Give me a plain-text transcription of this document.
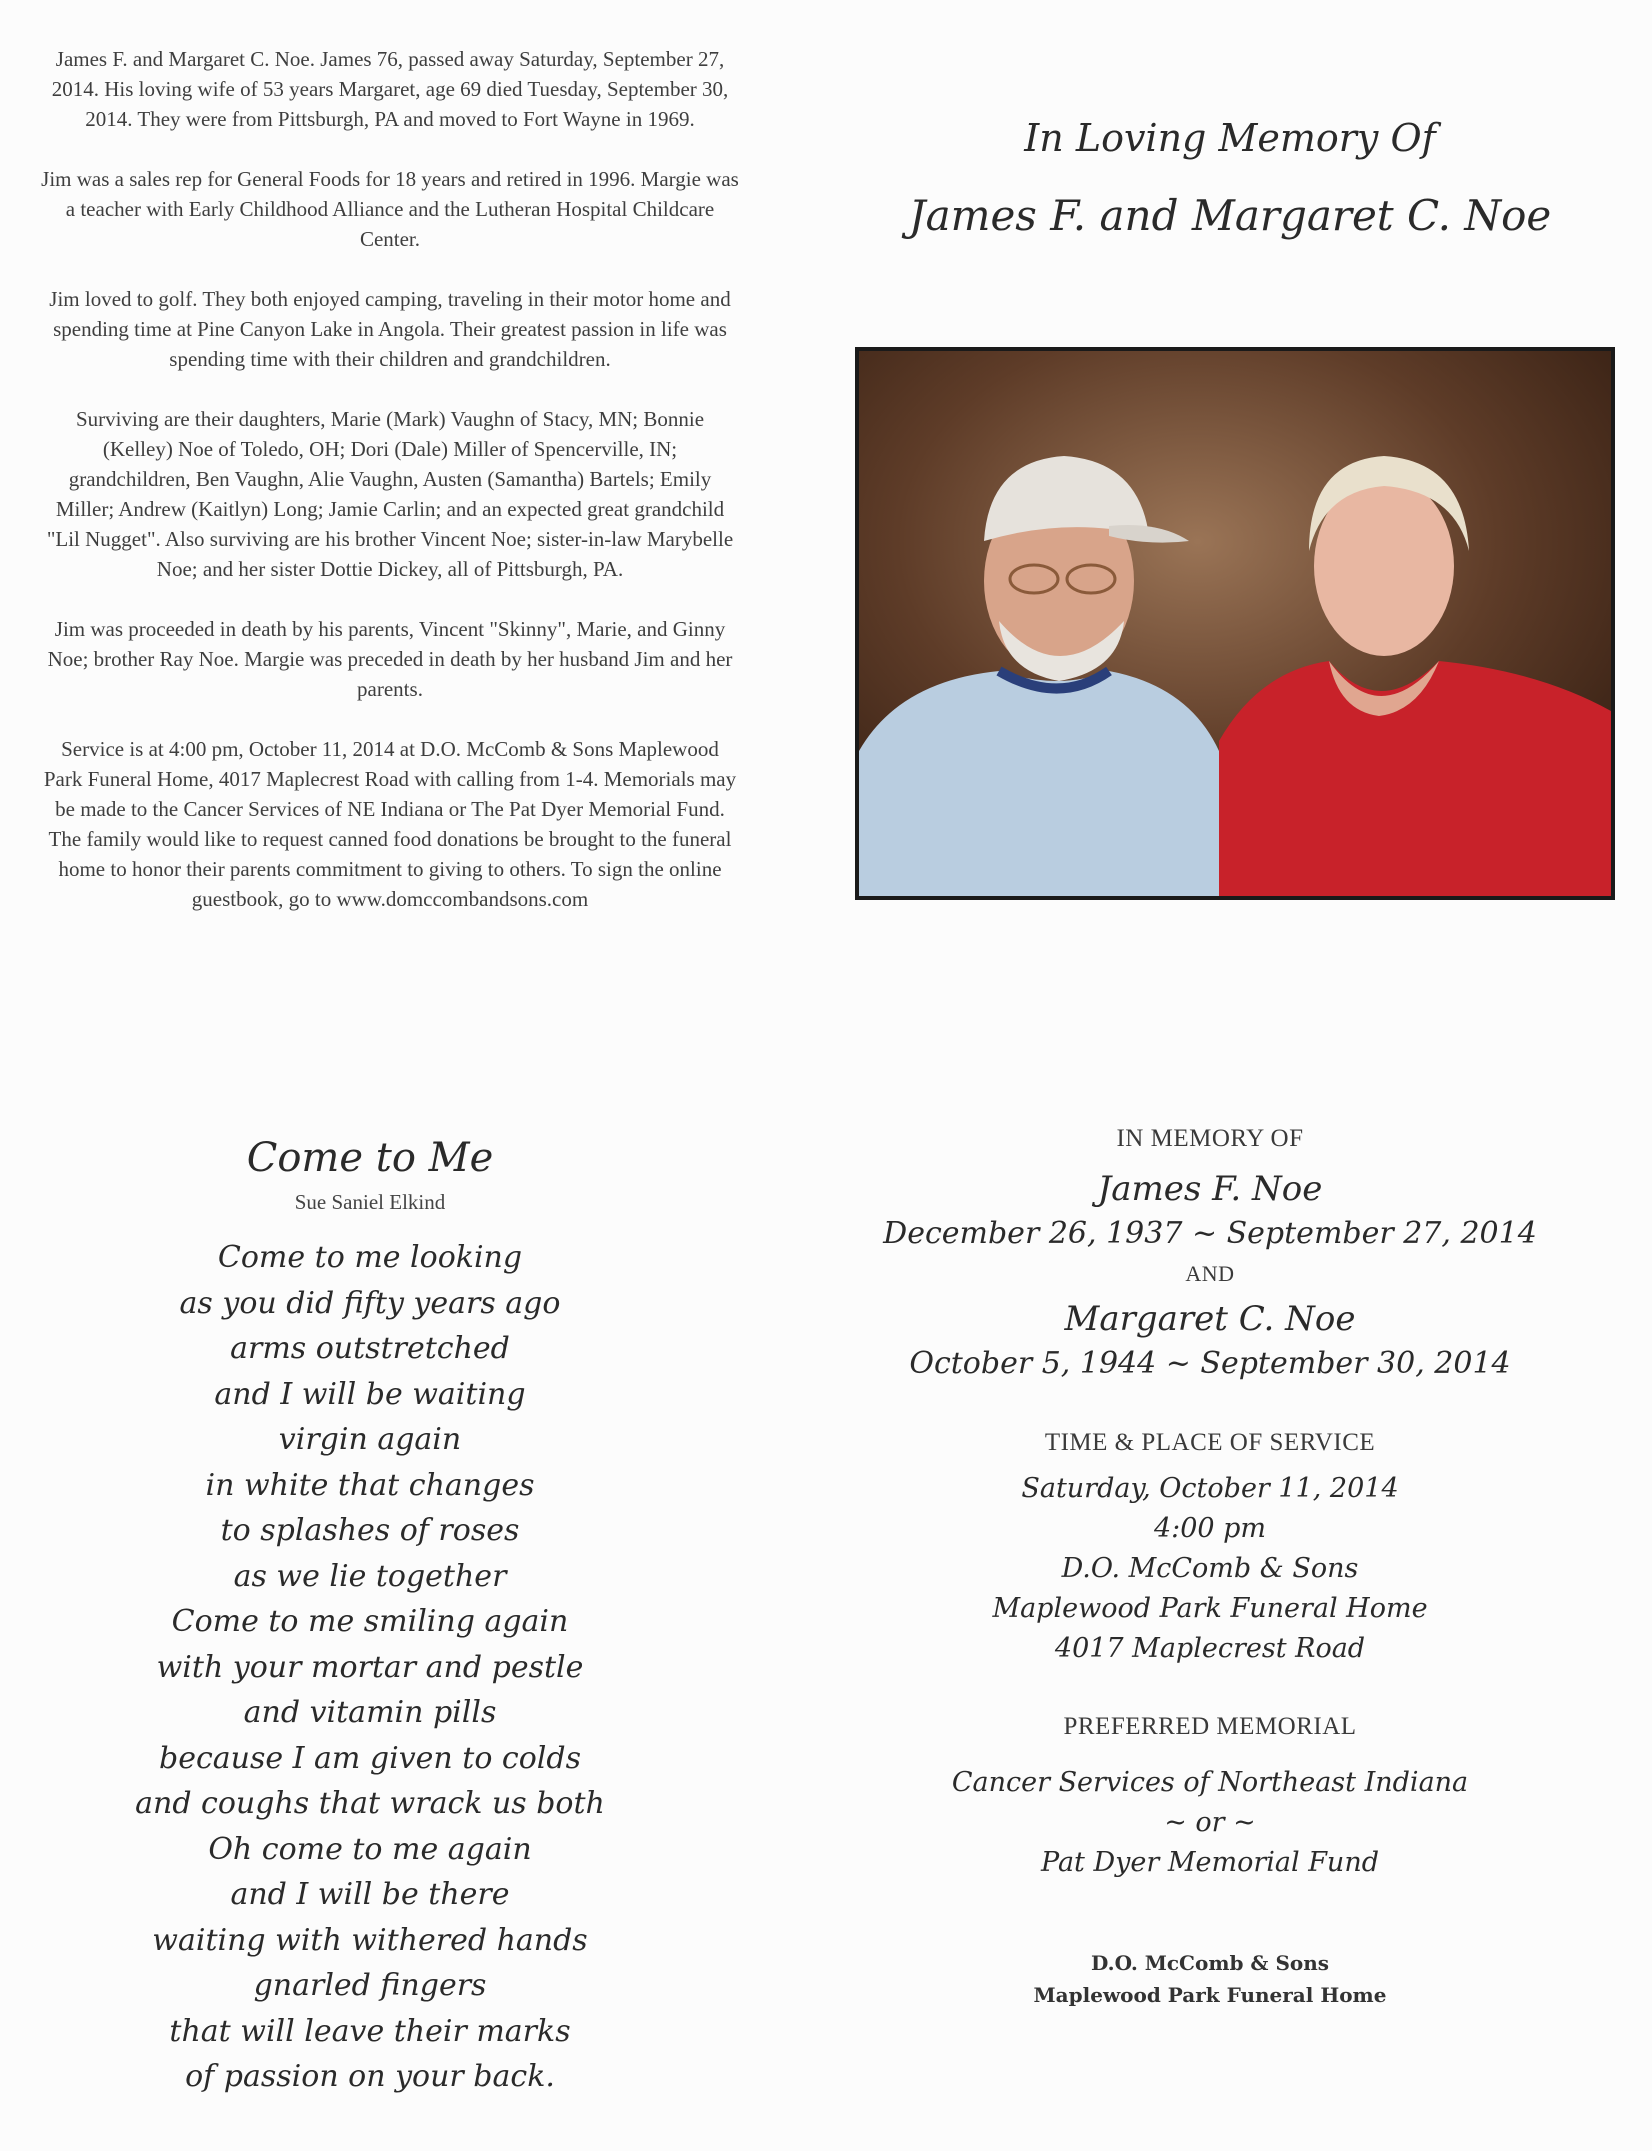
James F. and Margaret C. Noe. James 76, passed away Saturday, September 27, 2014. His loving wife of 53 years Margaret, age 69 died Tuesday, September 30, 2014. They were from Pittsburgh, PA and moved to Fort Wayne in 1969.

Jim was a sales rep for General Foods for 18 years and retired in 1996. Margie was a teacher with Early Childhood Alliance and the Lutheran Hospital Childcare Center.

Jim loved to golf. They both enjoyed camping, traveling in their motor home and spending time at Pine Canyon Lake in Angola. Their greatest passion in life was spending time with their children and grandchildren.

Surviving are their daughters, Marie (Mark) Vaughn of Stacy, MN; Bonnie (Kelley) Noe of Toledo, OH; Dori (Dale) Miller of Spencerville, IN; grandchildren, Ben Vaughn, Alie Vaughn, Austen (Samantha) Bartels; Emily Miller; Andrew (Kaitlyn) Long; Jamie Carlin; and an expected great grandchild "Lil Nugget". Also surviving are his brother Vincent Noe; sister-in-law Marybelle Noe; and her sister Dottie Dickey, all of Pittsburgh, PA.

Jim was proceeded in death by his parents, Vincent "Skinny", Marie, and Ginny Noe; brother Ray Noe. Margie was preceded in death by her husband Jim and her parents.

Service is at 4:00 pm, October 11, 2014 at D.O. McComb & Sons Maplewood Park Funeral Home, 4017 Maplecrest Road with calling from 1-4. Memorials may be made to the Cancer Services of NE Indiana or The Pat Dyer Memorial Fund. The family would like to request canned food donations be brought to the funeral home to honor their parents commitment to giving to others. To sign the online guestbook, go to www.domccombandsons.com

In Loving Memory Of

James F. and Margaret C. Noe

Come to Me

Sue Saniel Elkind

Come to me looking
as you did fifty years ago
arms outstretched
and I will be waiting
virgin again
in white that changes
to splashes of roses
as we lie together
Come to me smiling again
with your mortar and pestle
and vitamin pills
because I am given to colds
and coughs that wrack us both
Oh come to me again
and I will be there
waiting with withered hands
gnarled fingers
that will leave their marks
of passion on your back.

IN MEMORY OF

James F. Noe

December 26, 1937 ~ September 27, 2014

AND

Margaret C. Noe

October 5, 1944 ~ September 30, 2014

TIME & PLACE OF SERVICE

Saturday, October 11, 2014

4:00 pm

D.O. McComb & Sons

Maplewood Park Funeral Home

4017 Maplecrest Road

PREFERRED MEMORIAL

Cancer Services of Northeast Indiana

~ or ~

Pat Dyer Memorial Fund

D.O. McComb & Sons

Maplewood Park Funeral Home
